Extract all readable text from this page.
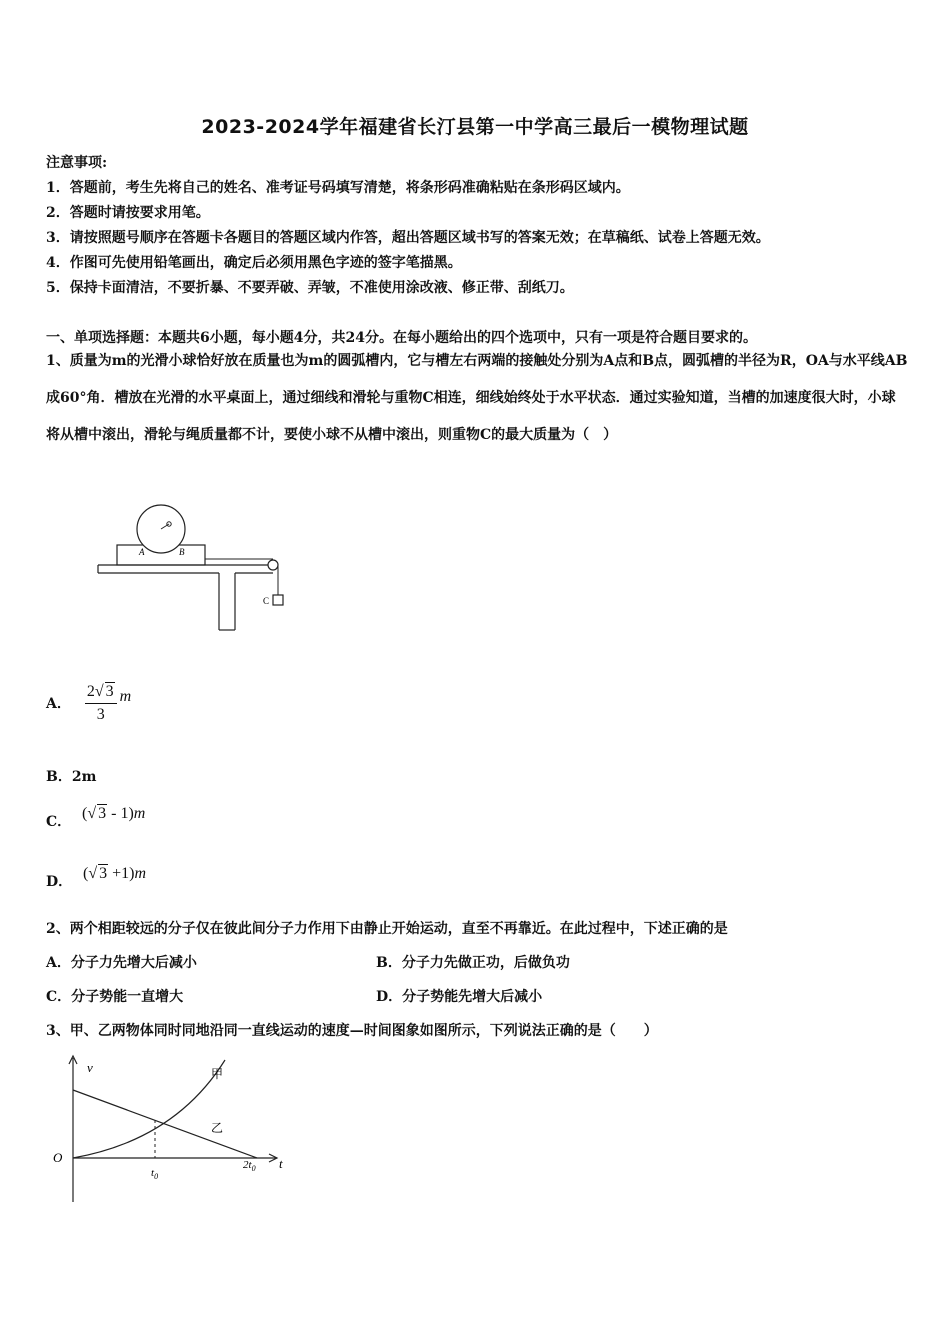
2023-2024学年福建省长汀县第一中学高三最后一模物理试题
注意事项:
1．答题前，考生先将自己的姓名、准考证号码填写清楚，将条形码准确粘贴在条形码区域内。
2．答题时请按要求用笔。
3．请按照题号顺序在答题卡各题目的答题区域内作答，超出答题区域书写的答案无效；在草稿纸、试卷上答题无效。
4．作图可先使用铅笔画出，确定后必须用黑色字迹的签字笔描黑。
5．保持卡面清洁，不要折暴、不要弄破、弄皱，不准使用涂改液、修正带、刮纸刀。
一、单项选择题：本题共6小题，每小题4分，共24分。在每小题给出的四个选项中，只有一项是符合题目要求的。
1、质量为m的光滑小球恰好放在质量也为m的圆弧槽内，它与槽左右两端的接触处分别为A点和B点，圆弧槽的半径为R，OA与水平线AB成60°角．槽放在光滑的水平桌面上，通过细线和滑轮与重物C相连，细线始终处于水平状态．通过实验知道，当槽的加速度很大时，小球将从槽中滚出，滑轮与绳质量都不计，要使小球不从槽中滚出，则重物C的最大质量为（　）
A	B
C
A． $\frac{2√ 3}{3}$ m
B．2m
C． (√ 3 - 1)m
D． (√ 3 +1)m
2、两个相距较远的分子仅在彼此间分子力作用下由静止开始运动，直至不再靠近。在此过程中，下述正确的是
A．分子力先增大后减小	B．分子力先做正功，后做负功
C．分子势能一直增大	D．分子势能先增大后减小
3、甲、乙两物体同时同地沿同一直线运动的速度—时间图象如图所示，下列说法正确的是（　　）
v
O	t
$t_0$
$2t_0$
甲
乙
